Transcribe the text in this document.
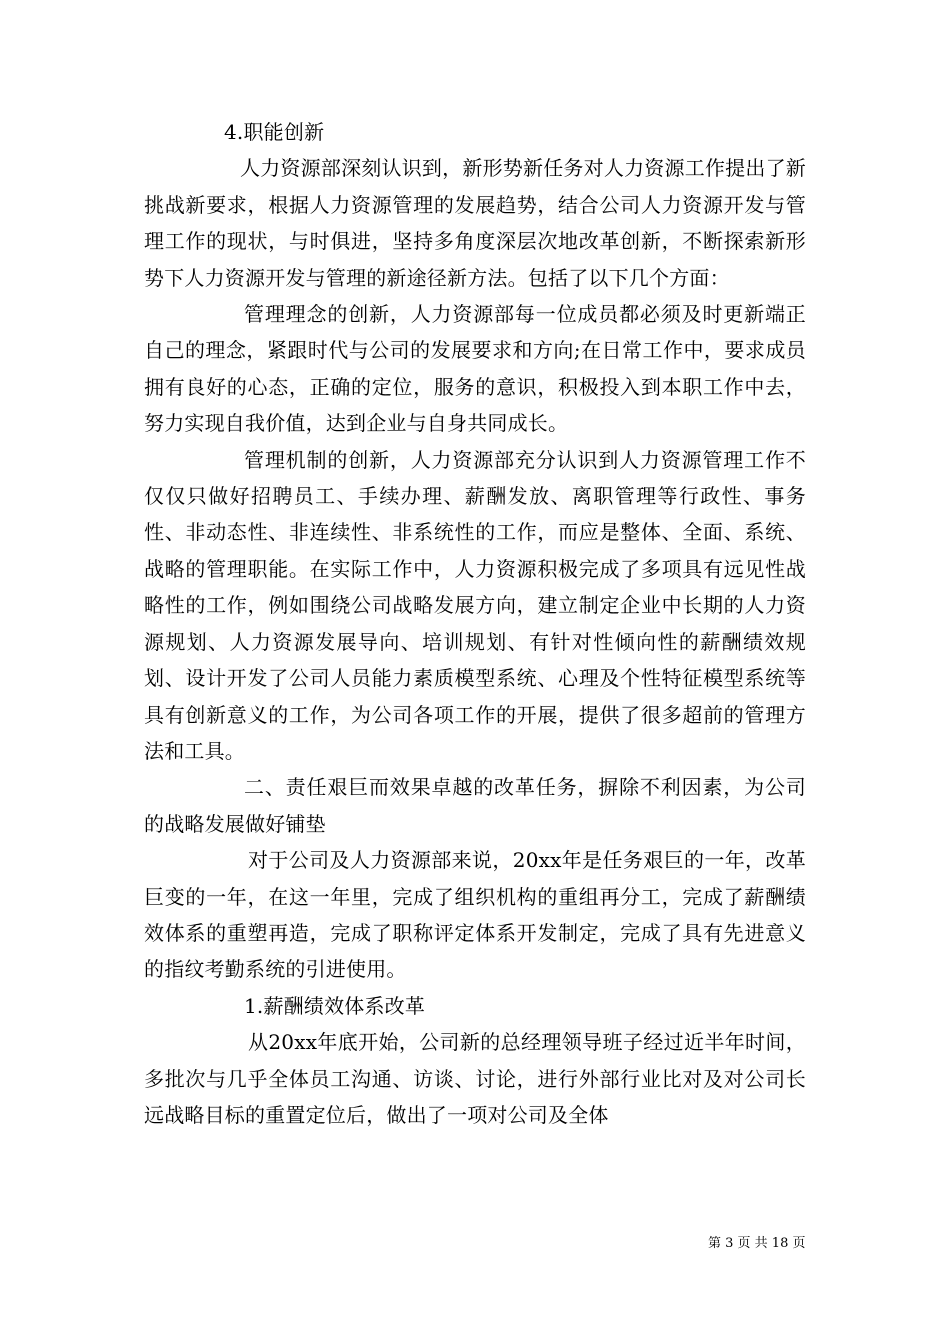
4.职能创新

人力资源部深刻认识到，新形势新任务对人力资源工作提出了新挑战新要求，根据人力资源管理的发展趋势，结合公司人力资源开发与管理工作的现状，与时俱进，坚持多角度深层次地改革创新，不断探索新形势下人力资源开发与管理的新途径新方法。包括了以下几个方面：

管理理念的创新，人力资源部每一位成员都必须及时更新端正自己的理念，紧跟时代与公司的发展要求和方向;在日常工作中，要求成员拥有良好的心态，正确的定位，服务的意识，积极投入到本职工作中去，努力实现自我价值，达到企业与自身共同成长。

管理机制的创新，人力资源部充分认识到人力资源管理工作不仅仅只做好招聘员工、手续办理、薪酬发放、离职管理等行政性、事务性、非动态性、非连续性、非系统性的工作，而应是整体、全面、系统、战略的管理职能。在实际工作中，人力资源积极完成了多项具有远见性战略性的工作，例如围绕公司战略发展方向，建立制定企业中长期的人力资源规划、人力资源发展导向、培训规划、有针对性倾向性的薪酬绩效规划、设计开发了公司人员能力素质模型系统、心理及个性特征模型系统等具有创新意义的工作，为公司各项工作的开展，提供了很多超前的管理方法和工具。

二、责任艰巨而效果卓越的改革任务，摒除不利因素，为公司的战略发展做好铺垫

对于公司及人力资源部来说，20xx年是任务艰巨的一年，改革巨变的一年，在这一年里，完成了组织机构的重组再分工，完成了薪酬绩效体系的重塑再造，完成了职称评定体系开发制定，完成了具有先进意义的指纹考勤系统的引进使用。

1.薪酬绩效体系改革

从20xx年底开始，公司新的总经理领导班子经过近半年时间，多批次与几乎全体员工沟通、访谈、讨论，进行外部行业比对及对公司长远战略目标的重置定位后，做出了一项对公司及全体

第 3 页 共 18 页
